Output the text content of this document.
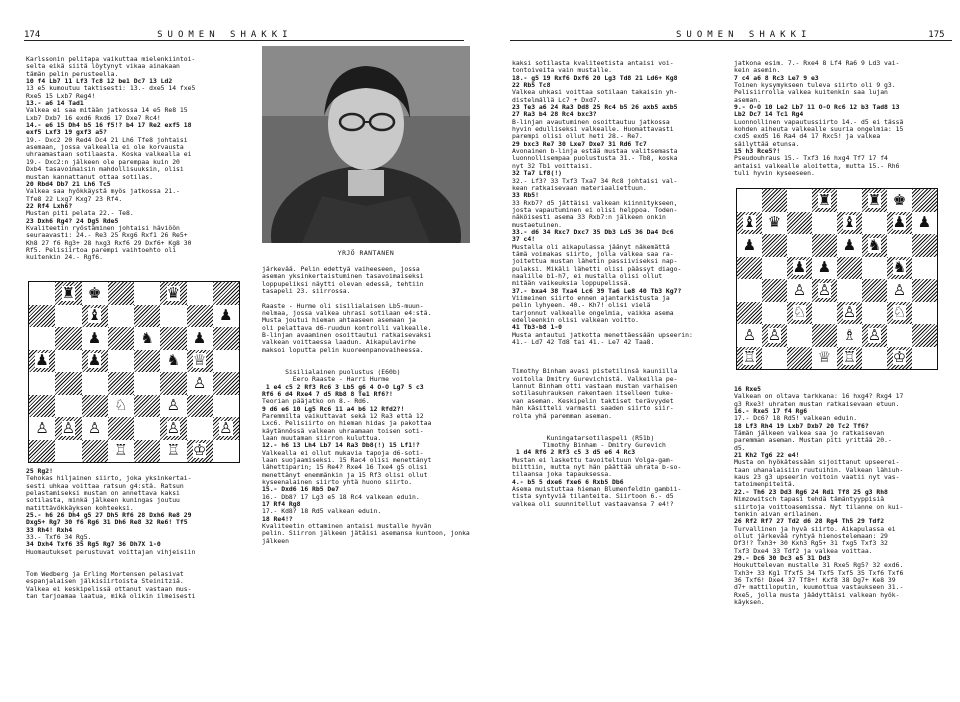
174	SUOMEN SHAKKI

Karlssonin pelitapa vaikuttaa mielenkiintoi-

selta eikä siitä löytynyt vikaa ainakaan

tämän pelin perusteella.

10 f4 Lb7 11 Lf3 Tc8 12 be1 Dc7 13 Ld2

13 e5 kumoutuu taktisesti: 13.- dxe5 14 fxe5

Rxe5 15 Lxb7 Reg4!

13.- a6 14 Tad1

Valkea ei saa mitään jatkossa 14 e5 Re8 15

Lxb7 Dxb7 16 exd6 Rxd6 17 Dxe7 Rc4!

14.- e6 15 Dh4 b5 16 f5!? b4 17 Re2 exf5 18

exf5 Lxf3 19 gxf3 a5?

19.- Dxc2 20 Red4 Dc4 21 Lh6 Tfe8 johtaisi

asemaan, jossa valkealla ei ole korvausta

uhraamastaan sotilaasta. Koska valkealla ei

19.- Dxc2:n jälkeen ole parempaa kuin 20

Dxb4 tasavoimaisin mahdollisuuksin, olisi

mustan kannattanut ottaa sotilas.

20 Rbd4 Db7 21 Lh6 Tc5

Valkea saa hyökkäystä myös jatkossa 21.-

Tfe8 22 Lxg7 Kxg7 23 Rf4.

22 Rf4 Lxh6?

Mustan piti pelata 22.- Te8.

23 Dxh6 Rg4? 24 Dg5 Rde5

Kvaliteetin ryöstäminen johtaisi häviöön

seuraavasti: 24.- Re3 25 Rxg6 Rxf1 26 Re5+

Kh8 27 f6 Rg3+ 28 hxg3 Rxf6 29 Dxf6+ Kg8 30

Rf5. Pelisiirtoa parempi vaihtoehto oli

kuitenkin 24.- Rgf6.

♜ ♚	♛
♝	♟
♟	♞	♟
♟	♟	♞ ♕
♙
♘	♙
♙ ♙ ♙	♙	♙
♖	♖ ♔

25 Rg2!

Tehokas hiljainen siirto, joka yksinkertai-

sesti uhkaa voittaa ratsun g4:stä. Ratsun

pelastamiseksi mustan on annettava kaksi

sotilasta, minkä jälkeen kuningas joutuu

matittävökkäyksen kohteeksi.

25.- h6 26 Dh4 g5 27 Dh5 Rf6 28 Dxh6 Re8 29

Dxg5+ Rg7 30 f6 Rg6 31 Dh6 Re8 32 Re6! Tf5

33 Rh4! Rxh4

33.- Txf6 34 Rg5.

34 Dxh4 Txf6 35 Rg5 Rg7 36 Dh7X 1-0

Huomautukset perustuvat voittajan vihjeisiin

Tom Wedberg ja Erling Mortensen pelasivat

espanjalaisen jälkisiirtoista Steinitziä.

Valkea ei keskipelissä ottanut vastaan mus-

tan tarjoamaa laatua, mikä olikin ilmeisesti

YRJÖ RANTANEN

järkevää. Pelin edettyä vaiheeseen, jossa

aseman yksinkertaistuminen tasavoimaiseksi

loppupeliksi näytti olevan edessä, tehtiin

tasapeli 23. siirrossa.

Raaste - Hurme oli sisilialaisen Lb5-muun-

nelmaa, jossa valkea uhrasi sotilaan e4:stä.

Musta joutui hieman ahtaaseen asemaan ja

oli pelattava d6-ruudun kontrolli valkealle.

B-linjan avaaminen osoittautui ratkaisevaksi

valkean voittaessa laadun. Aikapulavirhe

maksoi loputta pelin kuoreenpanovaiheessa.

Sisilialainen puolustus (E60b)

Eero Raaste - Harri Hurme

1 e4 c5 2 Rf3 Rc6 3 Lb5 g6 4 O-O Lg7 5 c3

Rf6 6 d4 Rxe4 7 d5 Rb8 8 Te1 Rf6?!

Teorian pääjatko on 8.- Rd6.

9 d6 e6 10 Lg5 Rc6 11 a4 b6 12 Rfd2?!

Paremmilta vaikuttavat sekä 12 Ra3 että 12

Lxc6. Pelisiirto on hieman hidas ja pakottaa

käytännössä valkean uhraamaan toisen soti-

laan muutaman siirron kuluttua.

12.- h6 13 Lh4 Lb7 14 Ra3 Db8(!) 15 Lf1!?

Valkealla ei ollut mukavia tapoja d6-soti-

laan suojaamiseksi. 15 Rac4 olisi menettänyt

lähettiparin; 15 Re4? Rxe4 16 Txe4 g5 olisi

menettänyt enemmänkin ja 15 Rf3 olisi ollut

kyseenalainen siirto yhtä huono siirto.

15.- Dxd6 16 Rb5 De7

16.- Db8? 17 Lg3 e5 18 Rc4 valkean eduin.

17 Rf4 Rg8

17.- Kd8? 18 Rd5 valkean eduin.

18 Re4!?

Kvaliteetin ottaminen antaisi mustalle hyvän

pelin. Siirron jälkeen jätäisi asemansa kuntoon, jonka jälkeen

SUOMEN SHAKKI	175

kaksi sotilasta kvaliteetista antaisi voi-

tontoiveita vain mustalle.

18.- g5 19 Rxf6 Dxf6 20 Lg3 Td8 21 Ld6+ Kg8

22 Rb5 Tc8

Valkea uhkasi voittaa sotilaan takaisin yh-

distelmällä Lc7 + Dxd7.

23 Te3 a6 24 Ra3 Dd8 25 Rc4 b5 26 axb5 axb5

27 Ra3 b4 28 Rc4 bxc3?

B-linjan avautuminen osoittautuu jatkossa

hyvin edulliseksi valkealle. Huomattavasti

parempi olisi ollut heti 28.- Re7.

29 bxc3 Re7 30 Lxe7 Dxe7 31 Rd6 Tc7

Avonainen b-linja estää mustaa valitsemasta

luonnollisempaa puolustusta 31.- Tb8, koska

nyt 32 Tb1 voittaisi.

32 Ta7 Lf8(!)

32.- Lf3? 33 Txf3 Txa7 34 Rc8 johtaisi val-

kean ratkaisevaan materiaaliettuun.

33 Rb5!

33 Rxb7? d5 jättäisi valkean kiinnitykseen,

josta vapautuminen ei olisi helppoa. Toden-

näköisesti asema 33 Rxb7:n jälkeen onkin

mustaetuinen.

33.- d6 34 Rxc7 Dxc7 35 Db3 Ld5 36 Da4 Dc6

37 c4!

Mustalla oli aikapulassa jäänyt näkemättä

tämä voimakas siirto, jolla valkea saa ra-

joitettua mustan lähetin passiiviseksi nap-

pulaksi. Mikäli lähetti olisi päässyt diago-

naalille b1-h7, ei mustalla olisi ollut

mitään vaikeuksia loppupelissä.

37.- bxa4 38 Txa4 Lc6 39 Ta6 Le8 40 Tb3 Kg7?

Viimeinen siirto ennen ajantarkistusta ja

pelin lyhyeen. 40.- Kh7! olisi vielä

tarjonnut valkealle ongelmia, vaikka asema

edelleenkin olisi valkean voitto.

41 Tb3-b8 1-0

Musta antautui jatkotta menettäessään upseerin:

41.- Ld7 42 Td8 tai 41.- Le7 42 Taa8.

Timothy Binham avasi pistetilinsä kauniilla

voitolla Dmitry Gurevichistä. Valkeilla pe-

lannut Binham otti vastaan mustan varhaisen

sotilasuhrauksen rakentaen itselleen tuke-

van aseman. Keskipelin taktiset terävyydet

hän käsitteli varmasti saaden siirto siir-

rolta yhä paremman aseman.

Kuningatarsotilaspeli (R51b)

Timothy Binham - Dmitry Gurevich

1 d4 Rf6 2 Rf3 c5 3 d5 e6 4 Rc3

Mustan ei laskettu tavoiteltuun Volga-gam-

biittiin, mutta nyt hän päättää uhrata b-so-

tilaansa joka tapauksessa.

4.- b5 5 dxe6 fxe6 6 Rxb5 Db6

Asema muistuttaa hieman Blumenfeldin gambii-

tista syntyviä tilanteita. Siirtoon 6.- d5

valkea oli suunnitellut vastaavansa 7 e4!?

jatkona esim. 7.- Rxe4 8 Lf4 Ra6 9 Ld3 vai-

kein asemin.

7 c4 a6 8 Rc3 Le7 9 e3

Toinen kysymykseen tuleva siirto oli 9 g3.

Pelisiirrolla valkea kuitenkin saa lujan

aseman.

9.- O-O 10 Le2 Lb7 11 O-O Rc6 12 b3 Tad8 13

Lb2 Dc7 14 Tc1 Rg4

Luonnollinen vapautussiirto 14.- d5 ei tässä

kohden aiheuta valkealle suuria ongelmia: 15

cxd5 exd5 16 Ra4 d4 17 Rxc5! ja valkea

säilyttää etunsa.

15 h3 Rce5?!

Pseudouhraus 15.- Txf3 16 hxg4 Tf7 17 f4

antaisi valkealle aloitetta, mutta 15.- Rh6

tuli hyvin kyseeseen.

♜ ♜ ♚
♝ ♛	♝ ♟ ♟
♟	♟ ♞
♟ ♟	♞
♙ ♙	♙
♘ ♙ ♘
♙ ♙	♗ ♙
♖	♕ ♖ ♔

16 Rxe5

Valkean on oltava tarkkana: 16 hxg4? Rxg4 17

g3 Rxe3! uhraten mustan ratkaisevaan etuun.

16.- Rxe5 17 f4 Rg6

17.- Dc6? 18 Rd5! valkean eduin.

18 Lf3 Rh4 19 Lxb7 Dxb7 20 Tc2 Tf6?

Tämän jälkeen valkea saa jo ratkaisevan

paremman aseman. Mustan piti yrittää 20.-

d5.

21 Kh2 Tg6 22 e4!

Musta on hyökätessään sijoittanut upseerei-

taan uhanalaisiin ruutuihin. Valkean lähiuh-

kaus 23 g3 upseerin voitoin vaatii nyt vas-

tatoimenpiteitä.

22.- Th6 23 Dd3 Rg6 24 Rd1 Tf8 25 g3 Rh8

Nimzowitsch tapasi tehdä tämäntyyppisiä

siirtoja voittoasemissa. Nyt tilanne on kui-

tenkin aivan erilainen.

26 Rf2 Rf7 27 Td2 d6 28 Rg4 Th5 29 Tdf2

Turvallinen ja hyvä siirto. Aikapulassa ei

ollut järkevää ryhtyä hienostelemaan: 29

Df3!? Txh3+ 30 Kxh3 Rg5+ 31 fxg5 Txf3 32

Txf3 Dxe4 33 Tdf2 ja valkea voittaa.

29.- Dc6 30 Dc3 e5 31 Dd3

Houkuttelevan mustalle 31 Rxe5 Rg5? 32 exd6.

Txh3+ 33 Kg1 Tfxf5 34 Txf5 Txf5 35 Txf6 Txf6

36 Txf6! Dxe4 37 Tf8+! Kxf8 38 Dg7+ Ke8 39

d7+ mattiloputin, kuumottua vastaukseen 31.-

Rxe5, jolla musta jäädyttäisi valkean hyök-

käyksen.
